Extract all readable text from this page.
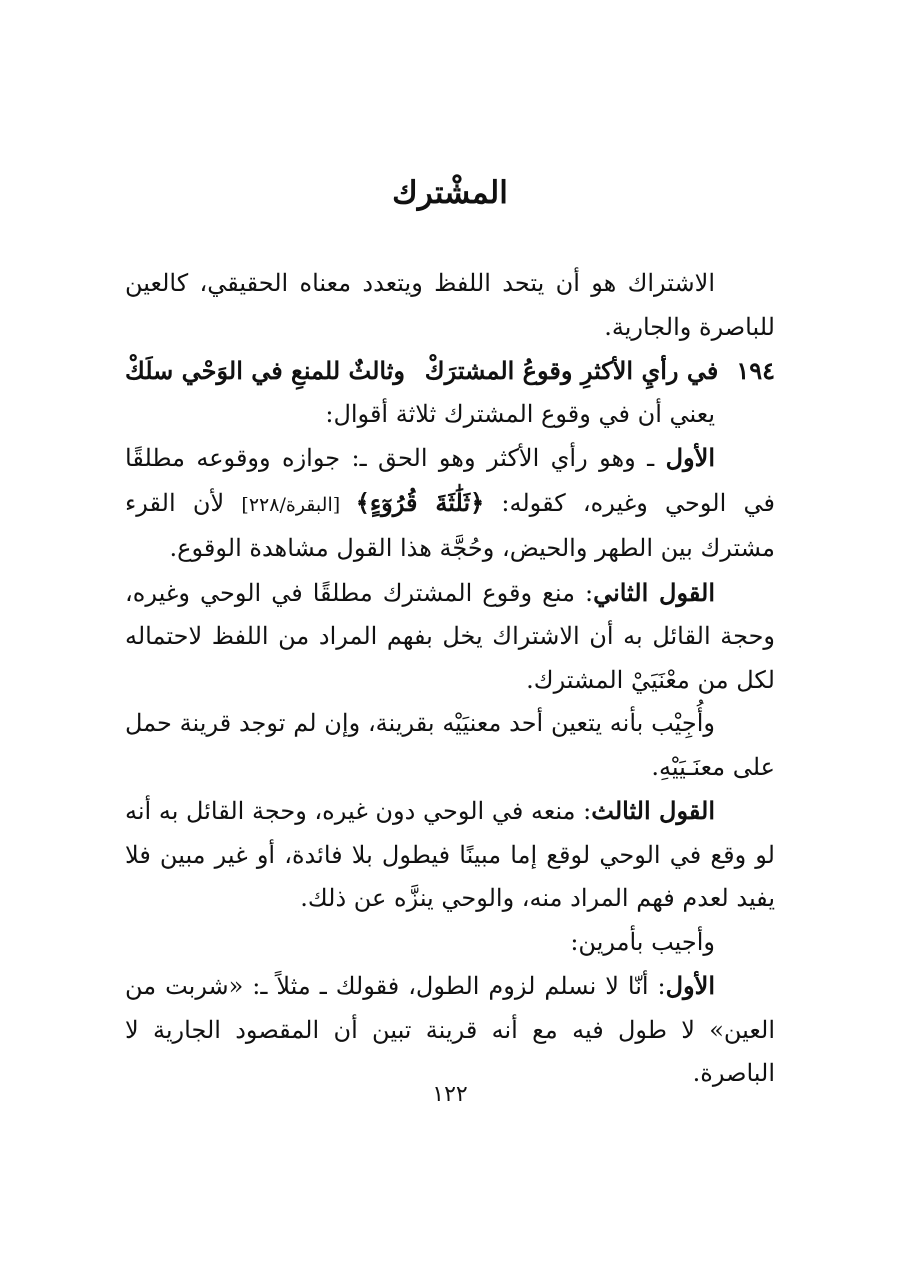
المشْترك

الاشتراك هو أن يتحد اللفظ ويتعدد معناه الحقيقي، كالعين للباصرة والجارية.

١٩٤
في رأيِ الأكثرِ وقوعُ المشترَكْ
وثالثٌ للمنعِ في الوَحْي سلَكْ

يعني أن في وقوع المشترك ثلاثة أقوال:

الأول ـ وهو رأي الأكثر وهو الحق ـ: جوازه ووقوعه مطلقًا في الوحي وغيره، كقوله: ﴿ثَلَٰثَةَ قُرُوٓءٍ﴾ [البقرة/٢٢٨] لأن القرء مشترك بين الطهر والحيض، وحُجَّة هذا القول مشاهدة الوقوع.

القول الثاني: منع وقوع المشترك مطلقًا في الوحي وغيره، وحجة القائل به أن الاشتراك يخل بفهم المراد من اللفظ لاحتماله لكل من معْنَيَيْ المشترك.

وأُجِيْب بأنه يتعين أحد معنيَيْه بقرينة، وإن لم توجد قرينة حمل على معنَـيَيْهِ.

القول الثالث: منعه في الوحي دون غيره، وحجة القائل به أنه لو وقع في الوحي لوقع إما مبينًا فيطول بلا فائدة، أو غير مبين فلا يفيد لعدم فهم المراد منه، والوحي ينزَّه عن ذلك.

وأجيب بأمرين:

الأول: أنّا لا نسلم لزوم الطول، فقولك ـ مثلاً ـ: «شربت من العين» لا طول فيه مع أنه قرينة تبين أن المقصود الجارية لا الباصرة.

١٢٢
